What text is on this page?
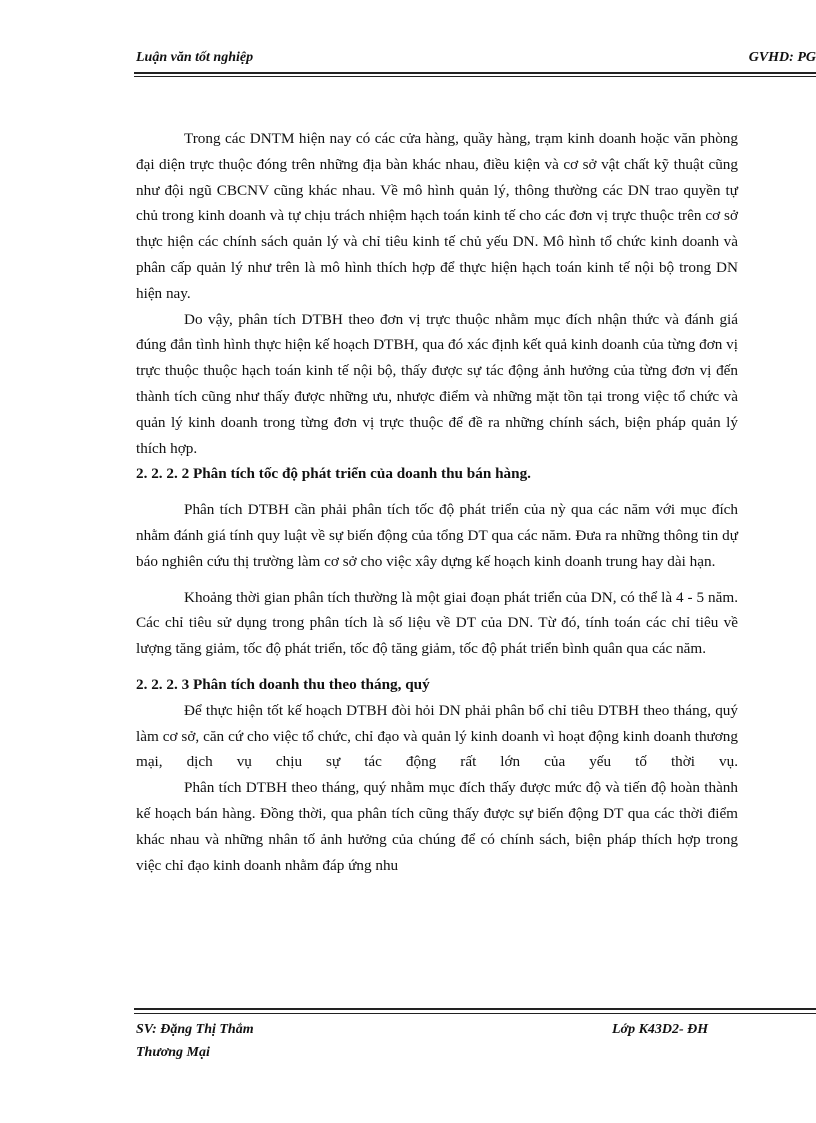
Luận văn tốt nghiệp	GVHD: PG

Trong các DNTM hiện nay có các cửa hàng, quầy hàng, trạm kinh doanh hoặc văn phòng đại diện trực thuộc đóng trên những địa bàn khác nhau, điều kiện và cơ sở vật chất kỹ thuật cũng như đội ngũ CBCNV cũng khác nhau. Về mô hình quản lý, thông thường các DN trao quyền tự chủ trong kinh doanh và tự chịu trách nhiệm hạch toán kinh tế cho các đơn vị trực thuộc trên cơ sở thực hiện các chính sách quản lý và chỉ tiêu kinh tế chủ yếu DN. Mô hình tổ chức kinh doanh và phân cấp quản lý như trên là mô hình thích hợp để thực hiện hạch toán kinh tế nội bộ trong DN hiện nay.

Do vậy, phân tích DTBH theo đơn vị trực thuộc nhằm mục đích nhận thức và đánh giá đúng đắn tình hình thực hiện kế hoạch DTBH, qua đó xác định kết quả kinh doanh của từng đơn vị trực thuộc thuộc hạch toán kinh tế nội bộ, thấy được sự tác động ảnh hưởng của từng đơn vị đến thành tích cũng như thấy được những ưu, nhược điểm và những mặt tồn tại trong việc tổ chức và quản lý kinh doanh trong từng đơn vị trực thuộc để đề ra những chính sách, biện pháp quản lý thích hợp.

2. 2. 2. 2 Phân tích tốc độ phát triển của doanh thu bán hàng.

Phân tích DTBH cần phải phân tích tốc độ phát triển của nỳ qua các năm với mục đích nhằm đánh giá tính quy luật về sự biến động của tổng DT qua các năm. Đưa ra những thông tin dự báo nghiên cứu thị trường làm cơ sở cho việc xây dựng kế hoạch kinh doanh trung hay dài hạn.

Khoảng thời gian phân tích thường là một giai đoạn phát triển của DN, có thể là 4 - 5 năm. Các chỉ tiêu sử dụng trong phân tích là số liệu về DT của DN. Từ đó, tính toán các chỉ tiêu về lượng tăng giảm, tốc độ phát triển, tốc độ tăng giảm, tốc độ phát triển bình quân qua các năm.

2. 2. 2. 3 Phân tích doanh thu theo tháng, quý

Để thực hiện tốt kế hoạch DTBH đòi hỏi DN phải phân bổ chỉ tiêu DTBH theo tháng, quý làm cơ sở, căn cứ cho việc tổ chức, chỉ đạo và quản lý kinh doanh vì hoạt động kinh doanh thương mại, dịch vụ chịu sự tác động rất lớn của yếu tố thời vụ.

Phân tích DTBH theo tháng, quý nhằm mục đích thấy được mức độ và tiến độ hoàn thành kế hoạch bán hàng. Đồng thời, qua phân tích cũng thấy được sự biến động DT qua các thời điểm khác nhau và những nhân tố ảnh hưởng của chúng để có chính sách, biện pháp thích hợp trong việc chỉ đạo kinh doanh nhằm đáp ứng nhu

SV: Đặng Thị Thắm	Lớp K43D2- ĐH
Thương Mại
